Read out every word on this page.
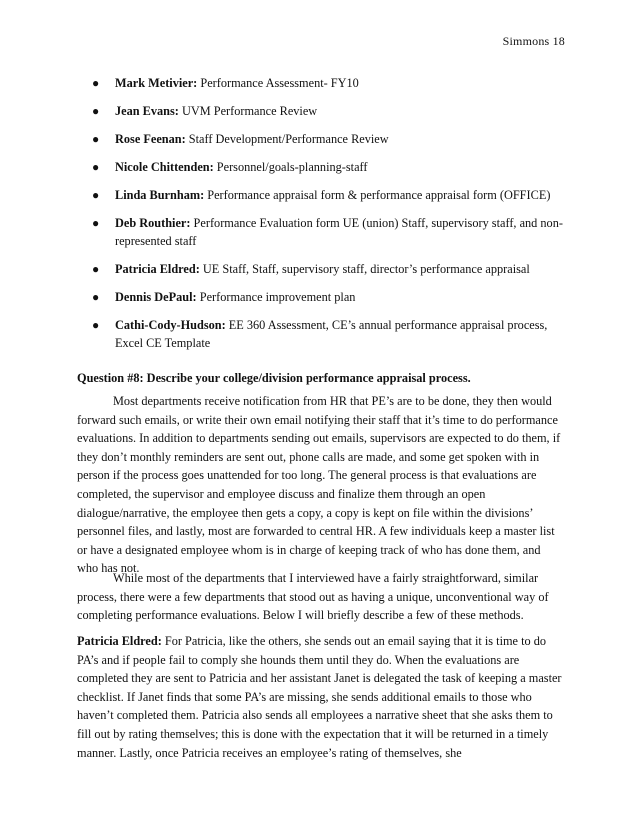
Simmons 18
● Mark Metivier: Performance Assessment- FY10
● Jean Evans: UVM Performance Review
● Rose Feenan: Staff Development/Performance Review
● Nicole Chittenden: Personnel/goals-planning-staff
● Linda Burnham: Performance appraisal form & performance appraisal form (OFFICE)
● Deb Routhier: Performance Evaluation form UE (union) Staff, supervisory staff, and non-represented staff
● Patricia Eldred: UE Staff, Staff, supervisory staff, director’s performance appraisal
● Dennis DePaul: Performance improvement plan
● Cathi-Cody-Hudson: EE 360 Assessment, CE’s annual performance appraisal process, Excel CE Template
Question #8: Describe your college/division performance appraisal process.
Most departments receive notification from HR that PE’s are to be done, they then would forward such emails, or write their own email notifying their staff that it’s time to do performance evaluations. In addition to departments sending out emails, supervisors are expected to do them, if they don’t monthly reminders are sent out, phone calls are made, and some get spoken with in person if the process goes unattended for too long. The general process is that evaluations are completed, the supervisor and employee discuss and finalize them through an open dialogue/narrative, the employee then gets a copy, a copy is kept on file within the divisions’ personnel files, and lastly, most are forwarded to central HR. A few individuals keep a master list or have a designated employee whom is in charge of keeping track of who has done them, and who has not.
While most of the departments that I interviewed have a fairly straightforward, similar process, there were a few departments that stood out as having a unique, unconventional way of completing performance evaluations. Below I will briefly describe a few of these methods.
Patricia Eldred: For Patricia, like the others, she sends out an email saying that it is time to do PA’s and if people fail to comply she hounds them until they do. When the evaluations are completed they are sent to Patricia and her assistant Janet is delegated the task of keeping a master checklist. If Janet finds that some PA’s are missing, she sends additional emails to those who haven’t completed them. Patricia also sends all employees a narrative sheet that she asks them to fill out by rating themselves; this is done with the expectation that it will be returned in a timely manner. Lastly, once Patricia receives an employee’s rating of themselves, she
